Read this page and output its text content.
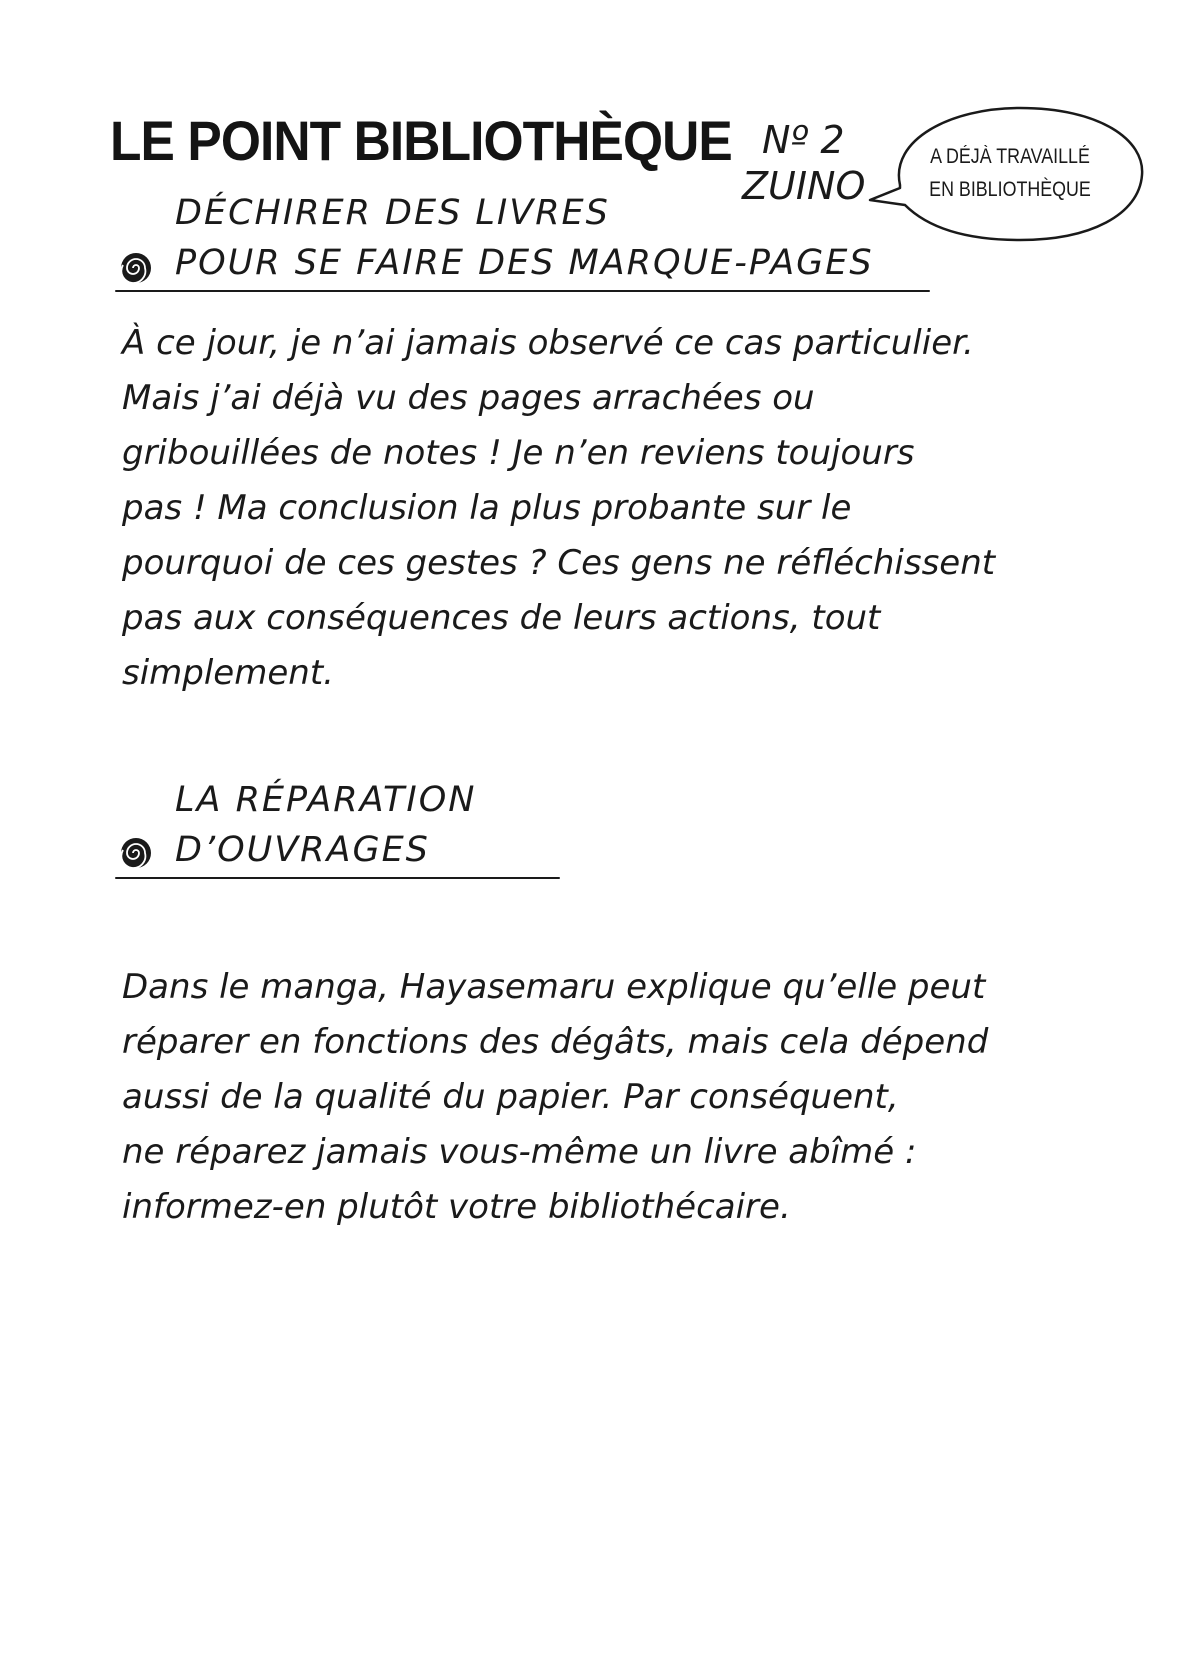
LE POINT BIBLIOTHÈQUE Nº 2
ZUINO
A DÉJÀ TRAVAILLÉ
EN BIBLIOTHÈQUE
DÉCHIRER DES LIVRES
POUR SE FAIRE DES MARQUE-PAGES
À ce jour, je n’ai jamais observé ce cas particulier.
Mais j’ai déjà vu des pages arrachées ou
gribouillées de notes ! Je n’en reviens toujours
pas ! Ma conclusion la plus probante sur le
pourquoi de ces gestes ? Ces gens ne réfléchissent
pas aux conséquences de leurs actions, tout
simplement.
LA RÉPARATION
D’OUVRAGES
Dans le manga, Hayasemaru explique qu’elle peut
réparer en fonctions des dégâts, mais cela dépend
aussi de la qualité du papier. Par conséquent,
ne réparez jamais vous-même un livre abîmé :
informez-en plutôt votre bibliothécaire.
